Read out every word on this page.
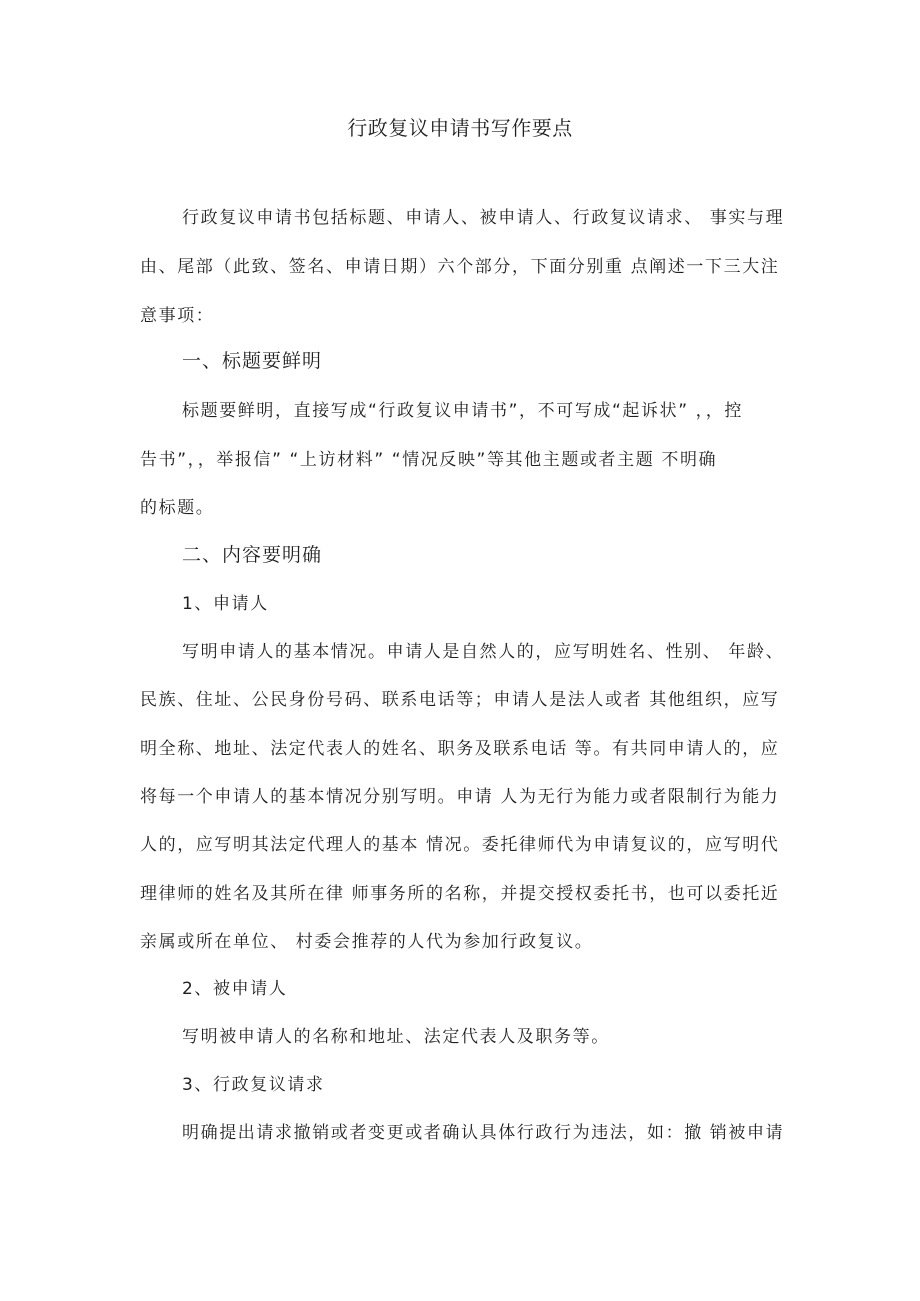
行政复议申请书写作要点
行政复议申请书包括标题、申请人、被申请人、行政复议请求、 事实与理
由、尾部（此致、签名、申请日期）六个部分，下面分别重 点阐述一下三大注
意事项：
一、标题要鲜明
标题要鲜明，直接写成“行政复议申请书”，不可写成“起诉状” ，，控
告书”，，举报信” “上访材料” “情况反映”等其他主题或者主题 不明确
的标题。
二、内容要明确
1、申请人
写明申请人的基本情况。申请人是自然人的，应写明姓名、性别、 年龄、
民族、住址、公民身份号码、联系电话等；申请人是法人或者 其他组织，应写
明全称、地址、法定代表人的姓名、职务及联系电话 等。有共同申请人的，应
将每一个申请人的基本情况分别写明。申请 人为无行为能力或者限制行为能力
人的，应写明其法定代理人的基本 情况。委托律师代为申请复议的，应写明代
理律师的姓名及其所在律 师事务所的名称，并提交授权委托书，也可以委托近
亲属或所在单位、 村委会推荐的人代为参加行政复议。
2、被申请人
写明被申请人的名称和地址、法定代表人及职务等。
3、行政复议请求
明确提出请求撤销或者变更或者确认具体行政行为违法，如：撤 销被申请
